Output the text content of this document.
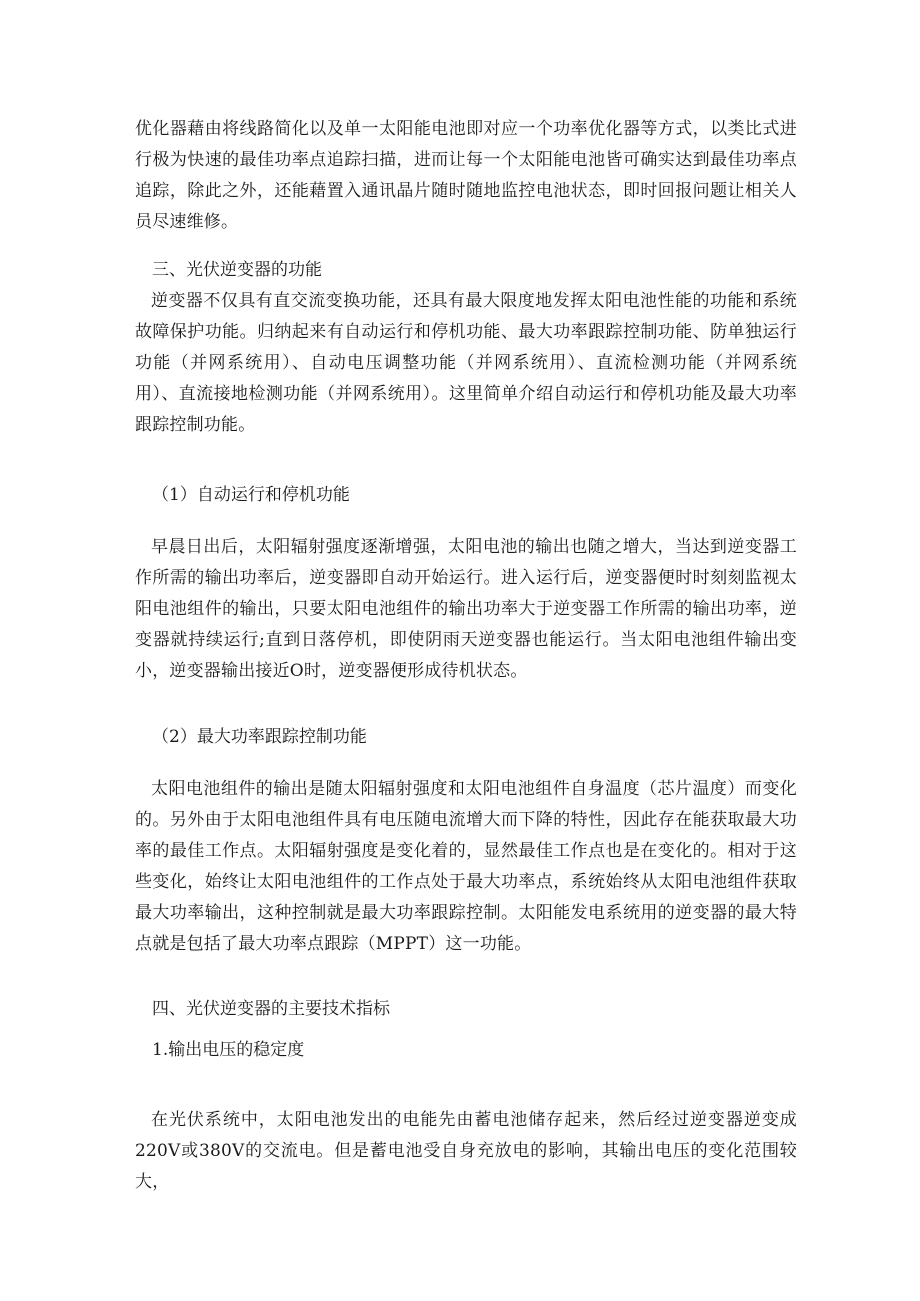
优化器藉由将线路简化以及单一太阳能电池即对应一个功率优化器等方式，以类比式进行极为快速的最佳功率点追踪扫描，进而让每一个太阳能电池皆可确实达到最佳功率点追踪，除此之外，还能藉置入通讯晶片随时随地监控电池状态，即时回报问题让相关人员尽速维修。

三、光伏逆变器的功能

逆变器不仅具有直交流变换功能，还具有最大限度地发挥太阳电池性能的功能和系统故障保护功能。归纳起来有自动运行和停机功能、最大功率跟踪控制功能、防单独运行功能（并网系统用）、自动电压调整功能（并网系统用）、直流检测功能（并网系统用）、直流接地检测功能（并网系统用）。这里简单介绍自动运行和停机功能及最大功率跟踪控制功能。

（1）自动运行和停机功能

早晨日出后，太阳辐射强度逐渐增强，太阳电池的输出也随之增大，当达到逆变器工作所需的输出功率后，逆变器即自动开始运行。进入运行后，逆变器便时时刻刻监视太阳电池组件的输出，只要太阳电池组件的输出功率大于逆变器工作所需的输出功率，逆变器就持续运行;直到日落停机，即使阴雨天逆变器也能运行。当太阳电池组件输出变小，逆变器输出接近O时，逆变器便形成待机状态。

（2）最大功率跟踪控制功能

太阳电池组件的输出是随太阳辐射强度和太阳电池组件自身温度（芯片温度）而变化的。另外由于太阳电池组件具有电压随电流增大而下降的特性，因此存在能获取最大功率的最佳工作点。太阳辐射强度是变化着的，显然最佳工作点也是在变化的。相对于这些变化，始终让太阳电池组件的工作点处于最大功率点，系统始终从太阳电池组件获取最大功率输出，这种控制就是最大功率跟踪控制。太阳能发电系统用的逆变器的最大特点就是包括了最大功率点跟踪（MPPT）这一功能。

四、光伏逆变器的主要技术指标

1.输出电压的稳定度

在光伏系统中，太阳电池发出的电能先由蓄电池储存起来，然后经过逆变器逆变成220V或380V的交流电。但是蓄电池受自身充放电的影响，其输出电压的变化范围较大，
